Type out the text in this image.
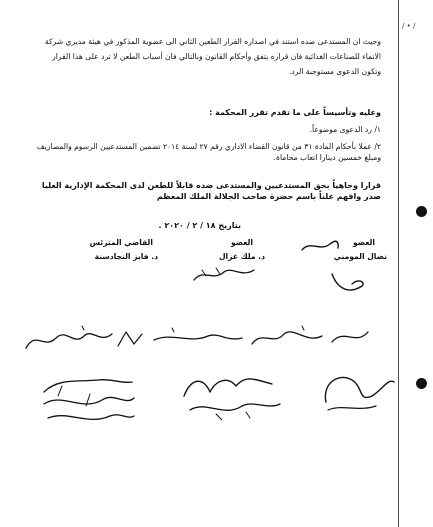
/ • /
وحيث ان المستدعى ضده استند في اصداره القرار الطعين الثاني الى عضوية المذكور في هيئة مديري شركة الانماء للصناعات الغذائية فان قراره يتفق وأحكام القانون وبالتالي فان أسباب الطعن لا ترد على هذا القرار وتكون الدعوى مستوجبة الرد.
وعليه وتأسيساً على ما تقدم تقرر المحكمة :
١/ رد الدعوى موضوعاً.
٢/ عملا بأحكام المادة ٣١ من قانون القضاء الاداري رقم ٢٧ لسنة ٢٠١٤ تضمين المستدعيين الرسوم والمصاريف ومبلغ خمسين دينارا اتعاب محاماة.
قرارا وجاهياً بحق المستدعيين والمستدعى ضده قابلاً للطعن لدى المحكمة الإدارية العليا صدر وافهم علناً باسم حضرة صاحب الجلالة الملك المعظم
بتاريخ ١٨ / ٢ / ٢٠٢٠ .
العضو
نضال المومني
العضو
د. ملك غزال
القاضي المترئس
د. فايز النجادسنة
